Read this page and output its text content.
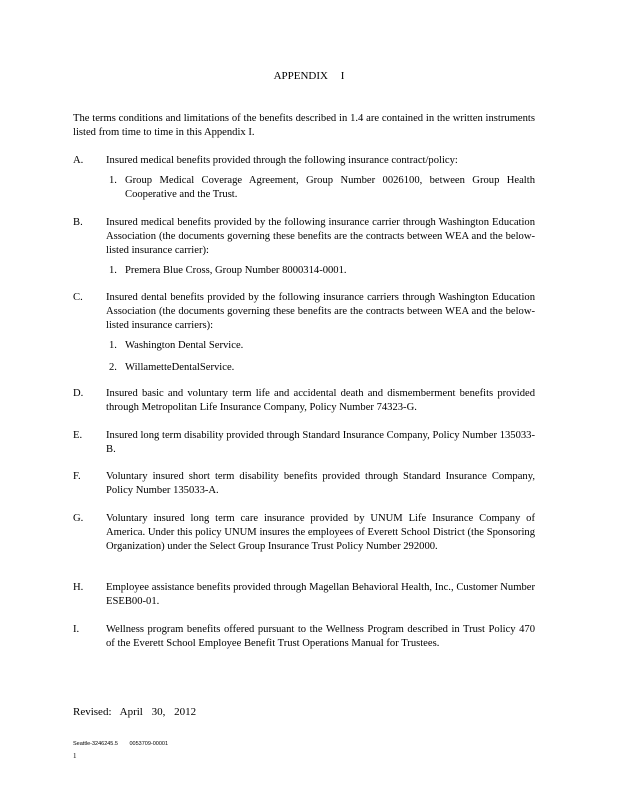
APPENDIX I
The terms conditions and limitations of the benefits described in 1.4 are contained in the written instruments listed from time to time in this Appendix I.
A. Insured medical benefits provided through the following insurance contract/policy:
1. Group Medical Coverage Agreement, Group Number 0026100, between Group Health Cooperative and the Trust.
B. Insured medical benefits provided by the following insurance carrier through Washington Education Association (the documents governing these benefits are the contracts between WEA and the below-listed insurance carrier):
1. Premera Blue Cross, Group Number 8000314-0001.
C. Insured dental benefits provided by the following insurance carriers through Washington Education Association (the documents governing these benefits are the contracts between WEA and the below-listed insurance carriers):
1. Washington Dental Service.
2. WillametteDentalService.
D. Insured basic and voluntary term life and accidental death and dismemberment benefits provided through Metropolitan Life Insurance Company, Policy Number 74323-G.
E. Insured long term disability provided through Standard Insurance Company, Policy Number 135033-B.
F. Voluntary insured short term disability benefits provided through Standard Insurance Company, Policy Number 135033-A.
G. Voluntary insured long term care insurance provided by UNUM Life Insurance Company of America. Under this policy UNUM insures the employees of Everett School District (the Sponsoring Organization) under the Select Group Insurance Trust Policy Number 292000.
H. Employee assistance benefits provided through Magellan Behavioral Health, Inc., Customer Number ESEB00-01.
I.	Wellness program benefits offered pursuant to the Wellness Program described in Trust Policy 470 of the Everett School Employee Benefit Trust Operations Manual for Trustees.
Revised: April 30, 2012
Seattle-3246245.5 0053709-00001
1
